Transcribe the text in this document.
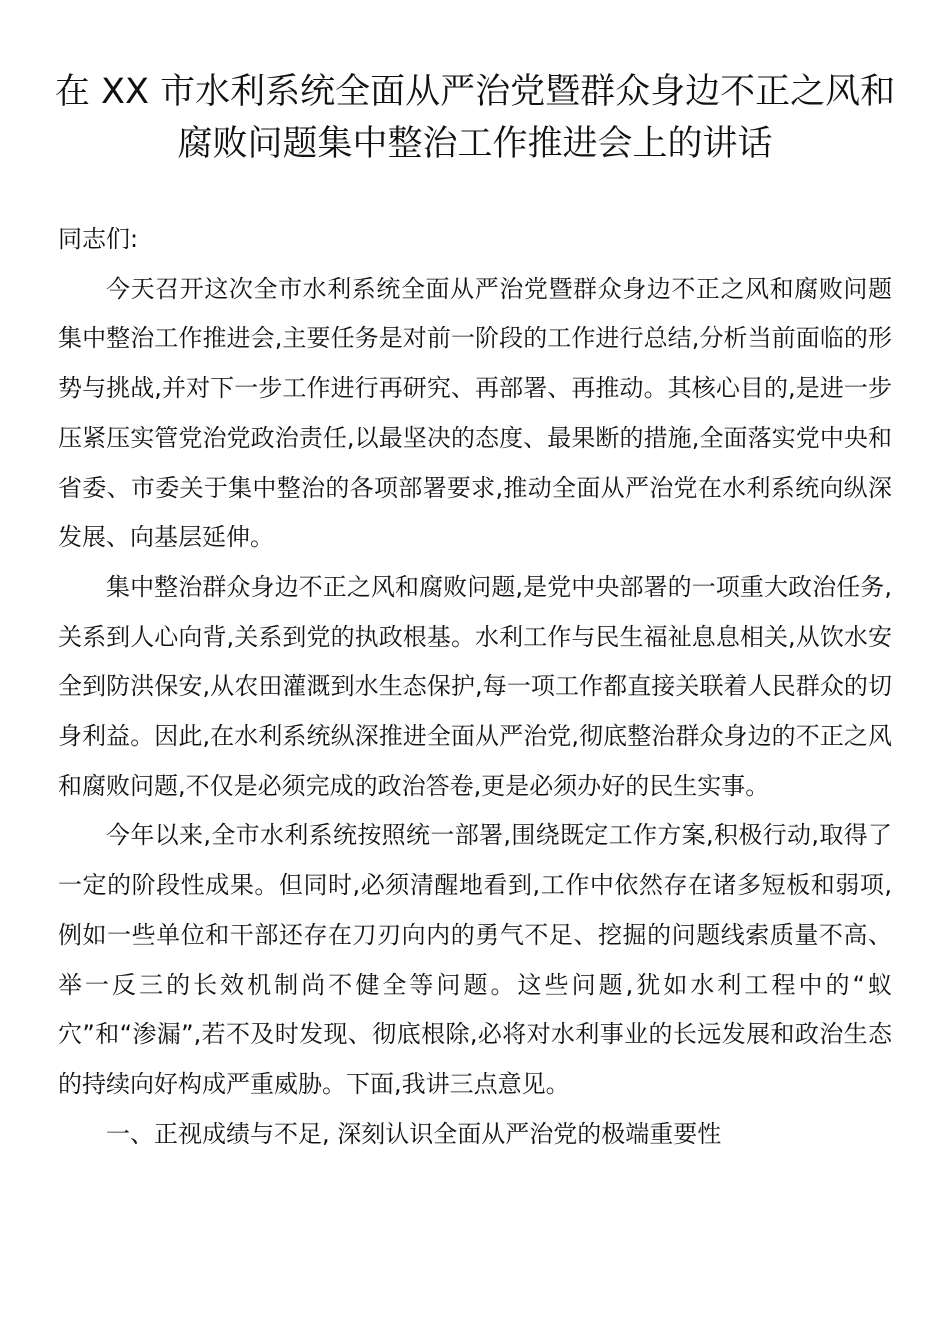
在 XX 市水利系统全面从严治党暨群众身边不正之风和
腐败问题集中整治工作推进会上的讲话

同志们:

今天召开这次全市水利系统全面从严治党暨群众身边不正之风和腐败问题集中整治工作推进会,主要任务是对前一阶段的工作进行总结,分析当前面临的形势与挑战,并对下一步工作进行再研究、再部署、再推动。其核心目的,是进一步压紧压实管党治党政治责任,以最坚决的态度、最果断的措施,全面落实党中央和省委、市委关于集中整治的各项部署要求,推动全面从严治党在水利系统向纵深发展、向基层延伸。

集中整治群众身边不正之风和腐败问题,是党中央部署的一项重大政治任务,关系到人心向背,关系到党的执政根基。水利工作与民生福祉息息相关,从饮水安全到防洪保安,从农田灌溉到水生态保护,每一项工作都直接关联着人民群众的切身利益。因此,在水利系统纵深推进全面从严治党,彻底整治群众身边的不正之风和腐败问题,不仅是必须完成的政治答卷,更是必须办好的民生实事。

今年以来,全市水利系统按照统一部署,围绕既定工作方案,积极行动,取得了一定的阶段性成果。但同时,必须清醒地看到,工作中依然存在诸多短板和弱项,例如一些单位和干部还存在刀刃向内的勇气不足、挖掘的问题线索质量不高、举一反三的长效机制尚不健全等问题。这些问题,犹如水利工程中的“蚁穴”和“渗漏”,若不及时发现、彻底根除,必将对水利事业的长远发展和政治生态的持续向好构成严重威胁。下面,我讲三点意见。

一、正视成绩与不足, 深刻认识全面从严治党的极端重要性
